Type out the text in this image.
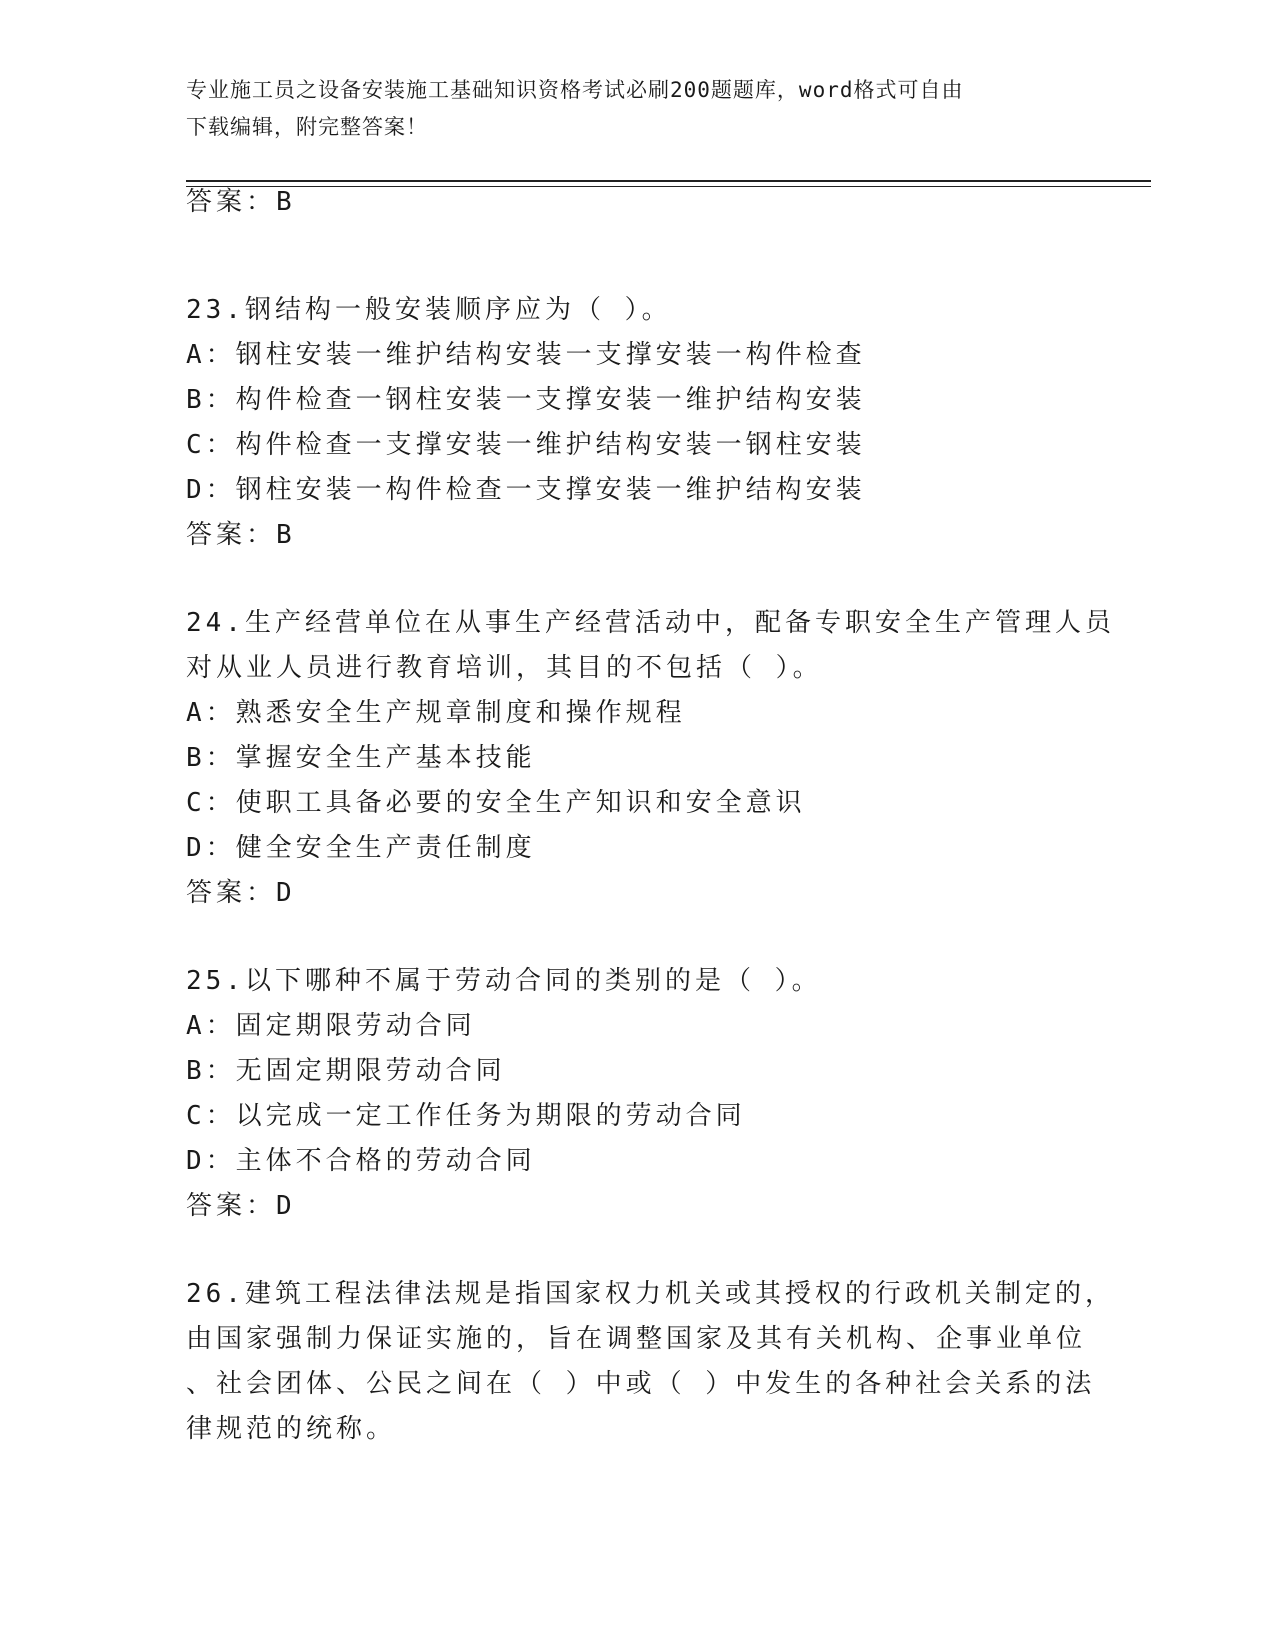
专业施工员之设备安装施工基础知识资格考试必刷200题题库，word格式可自由
下载编辑，附完整答案！
答案：B
23.钢结构一般安装顺序应为（ ）。
A：钢柱安装一维护结构安装一支撑安装一构件检查
B：构件检查一钢柱安装一支撑安装一维护结构安装
C：构件检查一支撑安装一维护结构安装一钢柱安装
D：钢柱安装一构件检查一支撑安装一维护结构安装
答案：B
24.生产经营单位在从事生产经营活动中，配备专职安全生产管理人员
对从业人员进行教育培训，其目的不包括（ ）。
A：熟悉安全生产规章制度和操作规程
B：掌握安全生产基本技能
C：使职工具备必要的安全生产知识和安全意识
D：健全安全生产责任制度
答案：D
25.以下哪种不属于劳动合同的类别的是（ ）。
A：固定期限劳动合同
B：无固定期限劳动合同
C：以完成一定工作任务为期限的劳动合同
D：主体不合格的劳动合同
答案：D
26.建筑工程法律法规是指国家权力机关或其授权的行政机关制定的，
由国家强制力保证实施的，旨在调整国家及其有关机构、企事业单位
、社会团体、公民之间在（ ）中或（ ）中发生的各种社会关系的法
律规范的统称。
